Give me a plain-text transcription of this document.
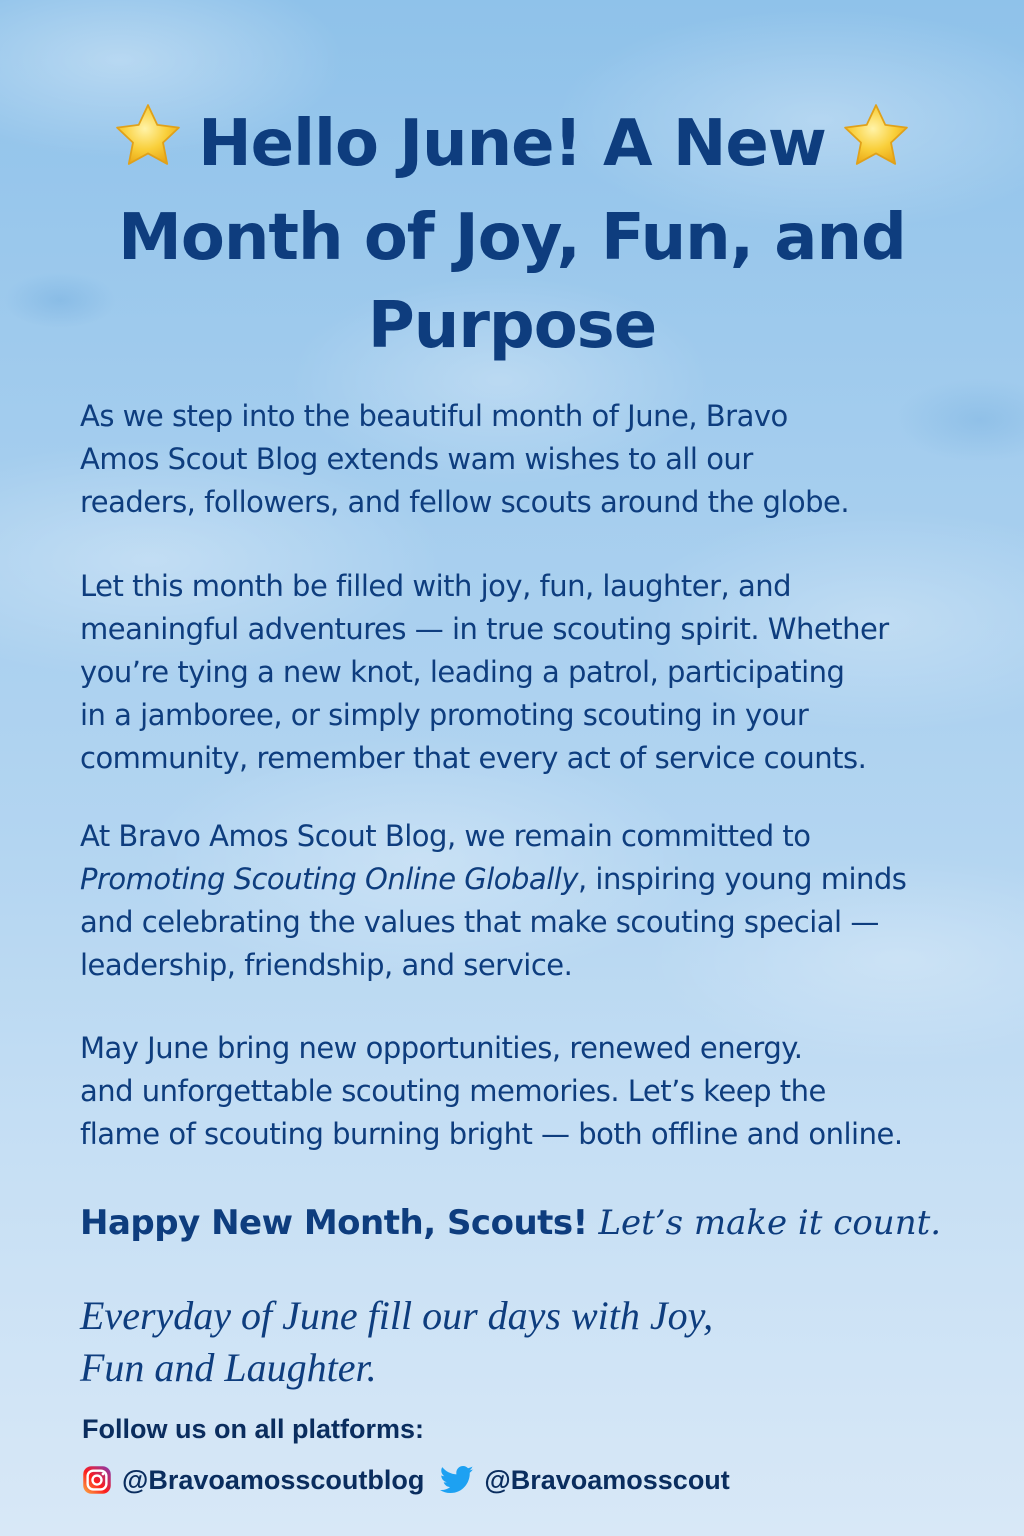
Hello June! A New
Month of Joy, Fun, and
Purpose

As we step into the beautiful month of June, Bravo

Amos Scout Blog extends wam wishes to all our

readers, followers, and fellow scouts around the globe.

Let this month be filled with joy, fun, laughter, and

meaningful adventures — in true scouting spirit. Whether

you’re tying a new knot, leading a patrol, participating

in a jamboree, or simply promoting scouting in your

community, remember that every act of service counts.

At Bravo Amos Scout Blog, we remain committed to

Promoting Scouting Online Globally, inspiring young minds

and celebrating the values that make scouting special —

leadership, friendship, and service.

May June bring new opportunities, renewed energy.

and unforgettable scouting memories. Let’s keep the

flame of scouting burning bright — both offline and online.

Happy New Month, Scouts! Let’s make it count.
Everyday of June fill our days with Joy,
Fun and Laughter.
Follow us on all platforms:
@Bravoamosscoutblog @Bravoamosscout
